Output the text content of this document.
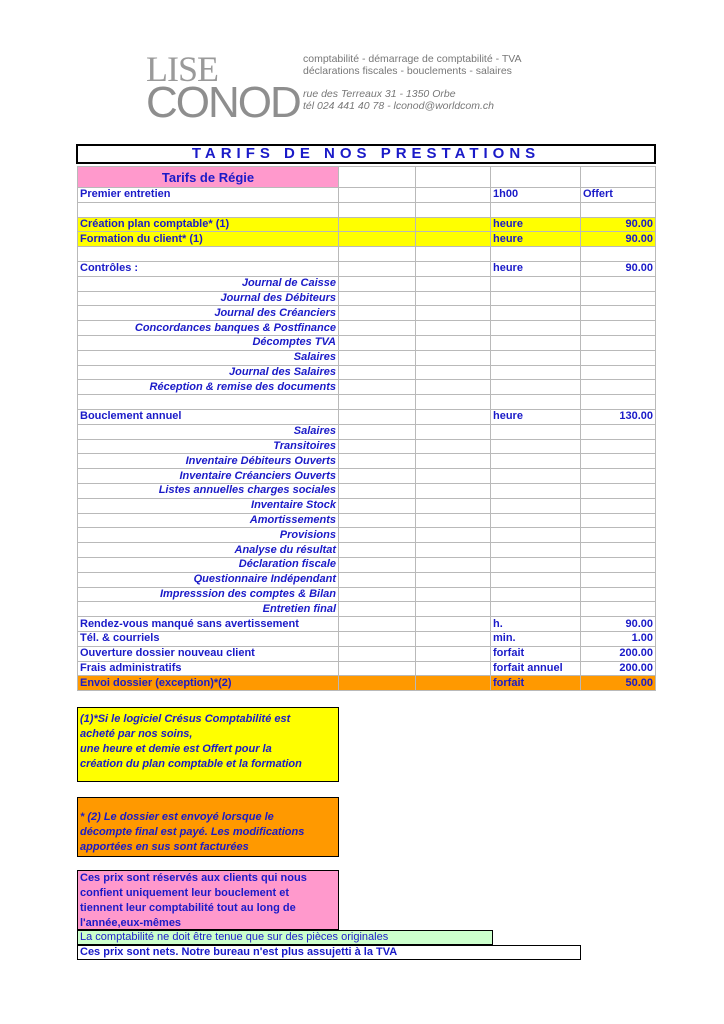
LISE
CONOD
comptabilité - démarrage de comptabilité - TVA
déclarations fiscales - bouclements - salaires
rue des Terreaux 31 - 1350 Orbe
tél 024 441 40 78 - lconod@worldcom.ch
TARIFS DE NOS PRESTATIONS
Tarifs de Régie				
Premier entretien			1h00	Offert

Création plan comptable* (1)			heure	90.00
Formation du client* (1)			heure	90.00

Contrôles :			heure	90.00
Journal de Caisse				
Journal des Débiteurs				
Journal des Créanciers				
Concordances banques & Postfinance				
Décomptes TVA				
Salaires				
Journal des Salaires				
Réception & remise des documents				

Bouclement annuel			heure	130.00
Salaires				
Transitoires				
Inventaire Débiteurs Ouverts				
Inventaire Créanciers Ouverts				
Listes annuelles charges sociales				
Inventaire Stock				
Amortissements				
Provisions				
Analyse du résultat				
Déclaration fiscale				
Questionnaire Indépendant				
Impresssion des comptes & Bilan				
Entretien final				
Rendez-vous manqué sans avertissement			h.	90.00
Tél. & courriels			min.	1.00
Ouverture dossier nouveau client			forfait	200.00
Frais administratifs			forfait annuel	200.00
Envoi dossier (exception)*(2)			forfait	50.00
(1)*Si le logiciel Crésus Comptabilité est
acheté par nos soins,
une heure et demie est Offert pour la
création du plan comptable et la formation
* (2) Le dossier est envoyé lorsque le
décompte final est payé. Les modifications
apportées en sus sont facturées
Ces prix sont réservés aux clients qui nous
confient uniquement leur bouclement et
tiennent leur comptabilité tout au long de
l'année,eux-mêmes
La comptabilité ne doit être tenue que sur des pièces originales
Ces prix sont nets. Notre bureau n'est plus assujetti à la TVA
